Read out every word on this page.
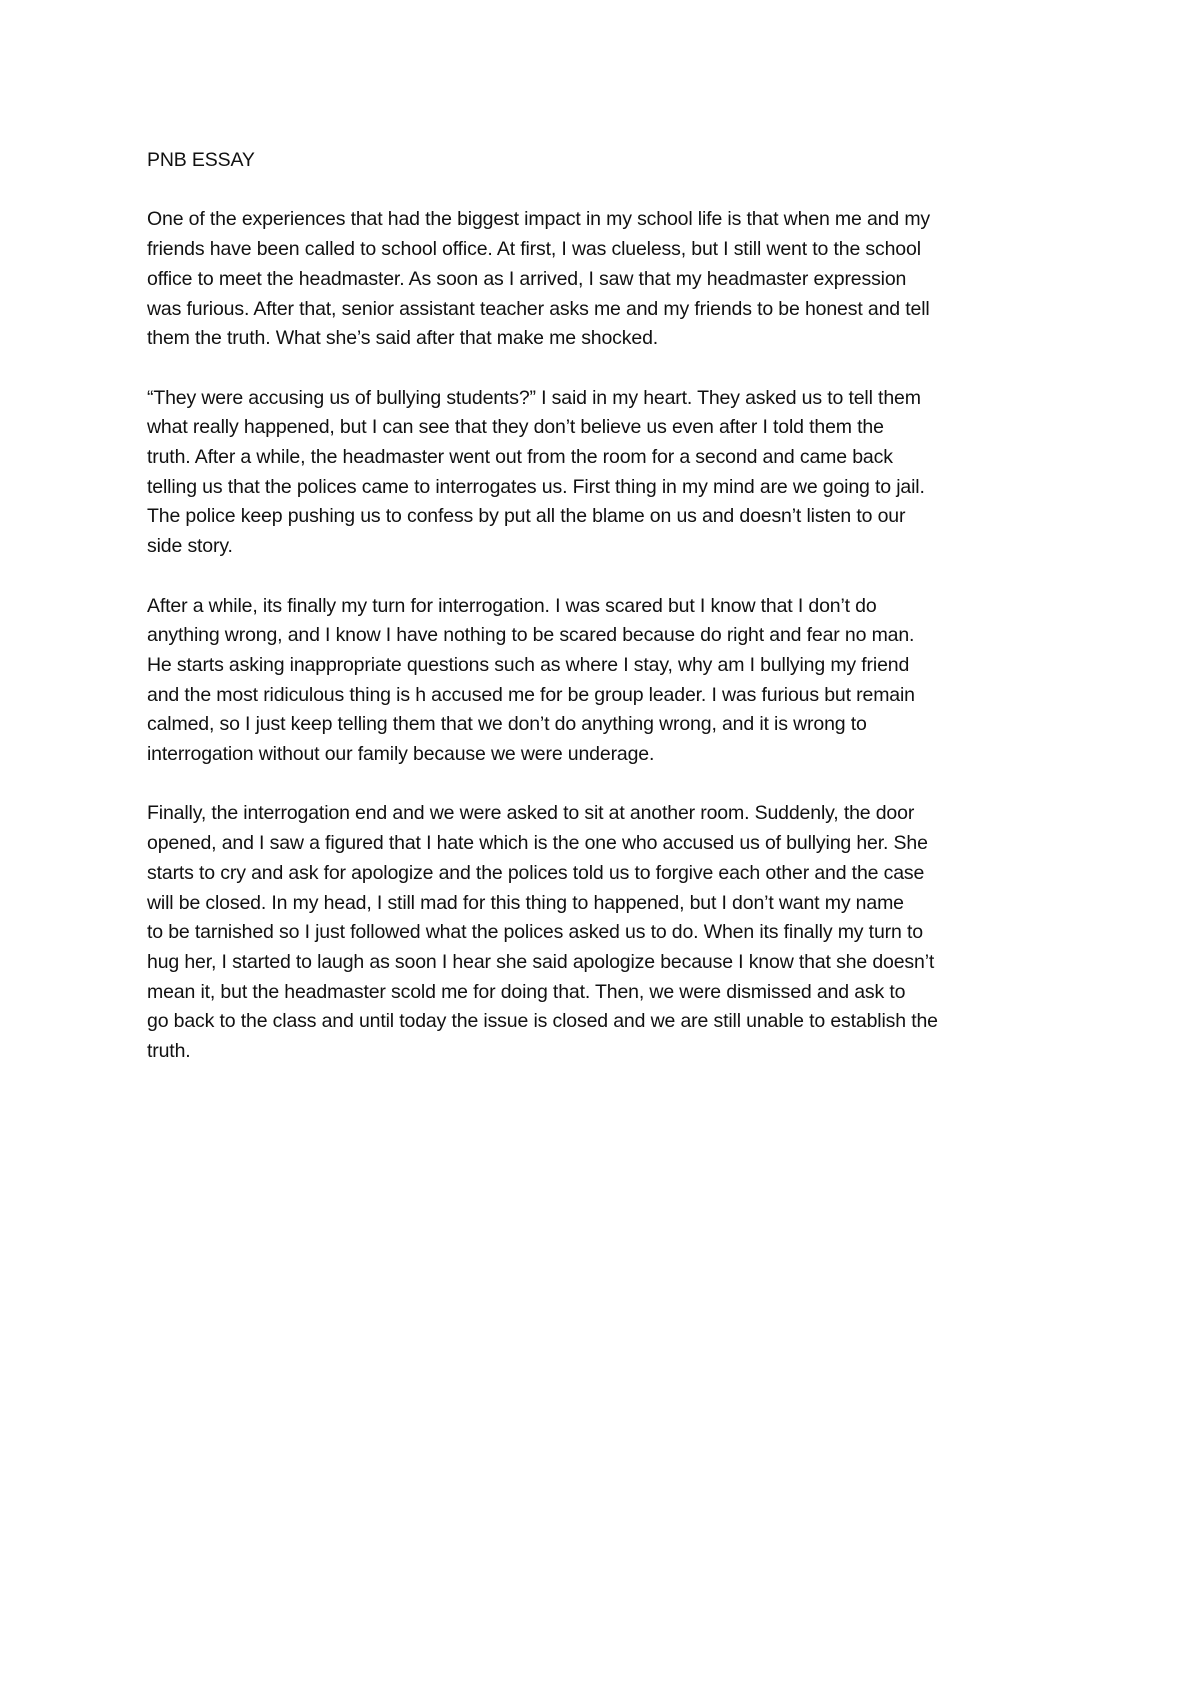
PNB ESSAY
One of the experiences that had the biggest impact in my school life is that when me and my
friends have been called to school office. At first, I was clueless, but I still went to the school
office to meet the headmaster. As soon as I arrived, I saw that my headmaster expression
was furious. After that, senior assistant teacher asks me and my friends to be honest and tell
them the truth. What she’s said after that make me shocked.
“They were accusing us of bullying students?” I said in my heart. They asked us to tell them
what really happened, but I can see that they don’t believe us even after I told them the
truth. After a while, the headmaster went out from the room for a second and came back
telling us that the polices came to interrogates us. First thing in my mind are we going to jail.
The police keep pushing us to confess by put all the blame on us and doesn’t listen to our
side story.
After a while, its finally my turn for interrogation. I was scared but I know that I don’t do
anything wrong, and I know I have nothing to be scared because do right and fear no man.
He starts asking inappropriate questions such as where I stay, why am I bullying my friend
and the most ridiculous thing is h accused me for be group leader. I was furious but remain
calmed, so I just keep telling them that we don’t do anything wrong, and it is wrong to
interrogation without our family because we were underage.
Finally, the interrogation end and we were asked to sit at another room. Suddenly, the door
opened, and I saw a figured that I hate which is the one who accused us of bullying her. She
starts to cry and ask for apologize and the polices told us to forgive each other and the case
will be closed. In my head, I still mad for this thing to happened, but I don’t want my name
to be tarnished so I just followed what the polices asked us to do. When its finally my turn to
hug her, I started to laugh as soon I hear she said apologize because I know that she doesn’t
mean it, but the headmaster scold me for doing that. Then, we were dismissed and ask to
go back to the class and until today the issue is closed and we are still unable to establish the
truth.
